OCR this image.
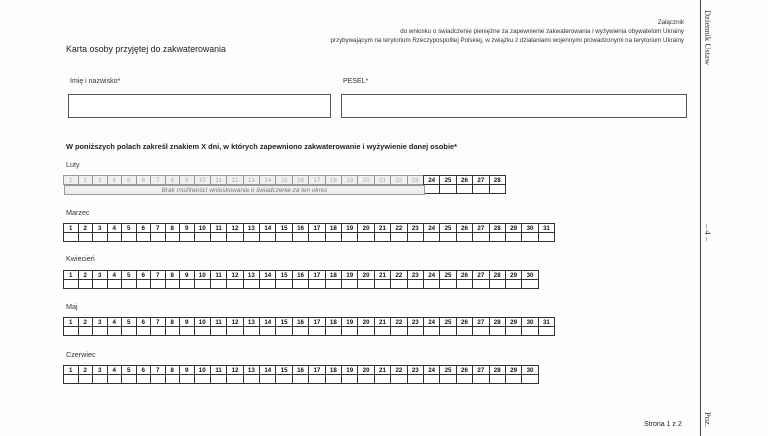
Załącznik
do wniosku o świadczenie pieniężne za zapewnienie zakwaterowania i wyżywienia obywatelom Ukrainy
przybywającym na terytorium Rzeczypospolitej Polskiej, w związku z działaniami wojennymi prowadzonymi na terytorium Ukrainy
Karta osoby przyjętej do zakwaterowania
Imię i nazwisko*	PESEL*
W poniższych polach zakreśl znakiem X dni, w których zapewniono zakwaterowanie i wyżywienie danej osobie*
Luty
1	2	3	4	5	6	7	8	9	10	11	12	13	14	15	16	17	18	19	20	21	22	23	24	25	26	27	28
Brak możliwości wnioskowania o świadczenie za ten okres
Marzec
1	2	3	4	5	6	7	8	9	10	11	12	13	14	15	16	17	18	19	20	21	22	23	24	25	26	27	28	29	30	31
Kwiecień
1	2	3	4	5	6	7	8	9	10	11	12	13	14	15	16	17	18	19	20	21	22	23	24	25	26	27	28	29	30
Maj
1	2	3	4	5	6	7	8	9	10	11	12	13	14	15	16	17	18	19	20	21	22	23	24	25	26	27	28	29	30	31
Czerwiec
1	2	3	4	5	6	7	8	9	10	11	12	13	14	15	16	17	18	19	20	21	22	23	24	25	26	27	28	29	30
Dziennik Ustaw
– 4 –
Poz.
Strona 1 z 2
